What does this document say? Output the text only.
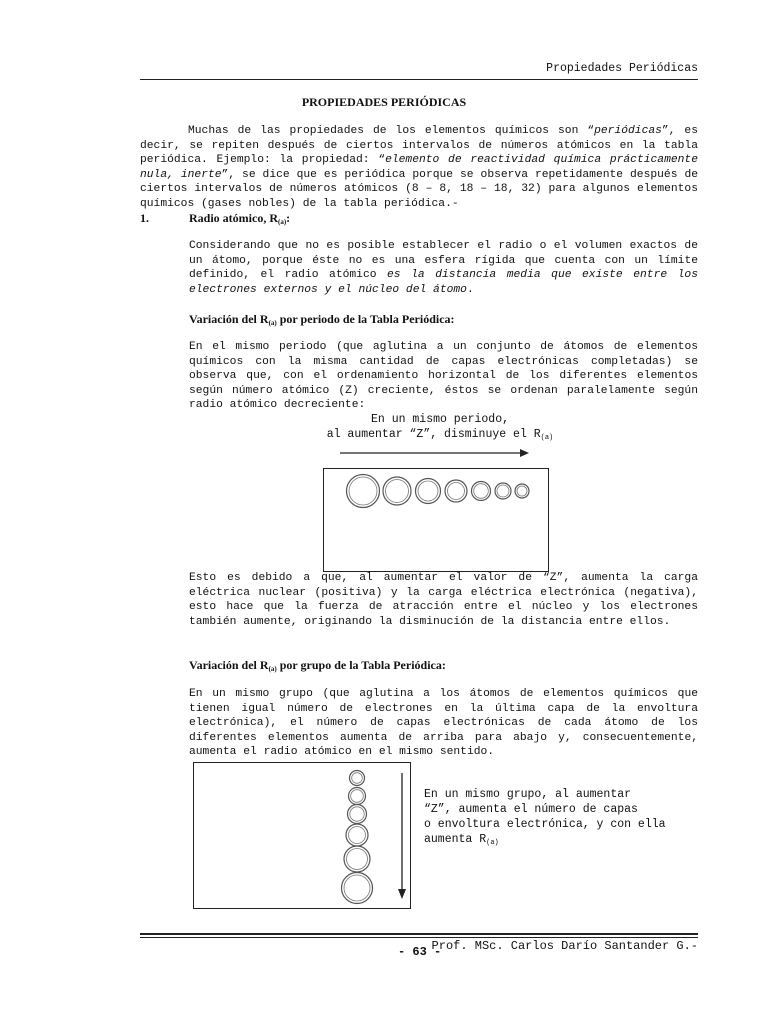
Propiedades Periódicas
PROPIEDADES PERIÓDICAS
Muchas de las propiedades de los elementos químicos son “periódicas”, es decir, se repiten después de ciertos intervalos de números atómicos en la tabla periódica. Ejemplo: la propiedad: “elemento de reactividad química prácticamente nula, inerte”, se dice que es periódica porque se observa repetidamente después de ciertos intervalos de números atómicos (8 – 8, 18 – 18, 32) para algunos elementos químicos (gases nobles) de la tabla periódica.-
1.	Radio atómico, $R_{(a)}$:
Considerando que no es posible establecer el radio o el volumen exactos de un átomo, porque éste no es una esfera rígida que cuenta con un límite definido, el radio atómico es la distancia media que existe entre los electrones externos y el núcleo del átomo.
Variación del $R_{(a)}$ por periodo de la Tabla Periódica:
En el mismo periodo (que aglutina a un conjunto de átomos de elementos químicos con la misma cantidad de capas electrónicas completadas) se observa que, con el ordenamiento horizontal de los diferentes elementos según número atómico (Z) creciente, éstos se ordenan paralelamente según radio atómico decreciente:
En un mismo periodo,
al aumentar “Z”, disminuye el $R_{(a)}$
Esto es debido a que, al aumentar el valor de “Z”, aumenta la carga eléctrica nuclear (positiva) y la carga eléctrica electrónica (negativa), esto hace que la fuerza de atracción entre el núcleo y los electrones también aumente, originando la disminución de la distancia entre ellos.
Variación del $R_{(a)}$ por grupo de la Tabla Periódica:
En un mismo grupo (que aglutina a los átomos de elementos químicos que tienen igual número de electrones en la última capa de la envoltura electrónica), el número de capas electrónicas de cada átomo de los diferentes elementos aumenta de arriba para abajo y, consecuentemente, aumenta el radio atómico en el mismo sentido.
En un mismo grupo, al aumentar
“Z”, aumenta el número de capas
o envoltura electrónica, y con ella
aumenta $R_{(a)}$
Prof. MSc. Carlos Darío Santander G.-
- 63 -
